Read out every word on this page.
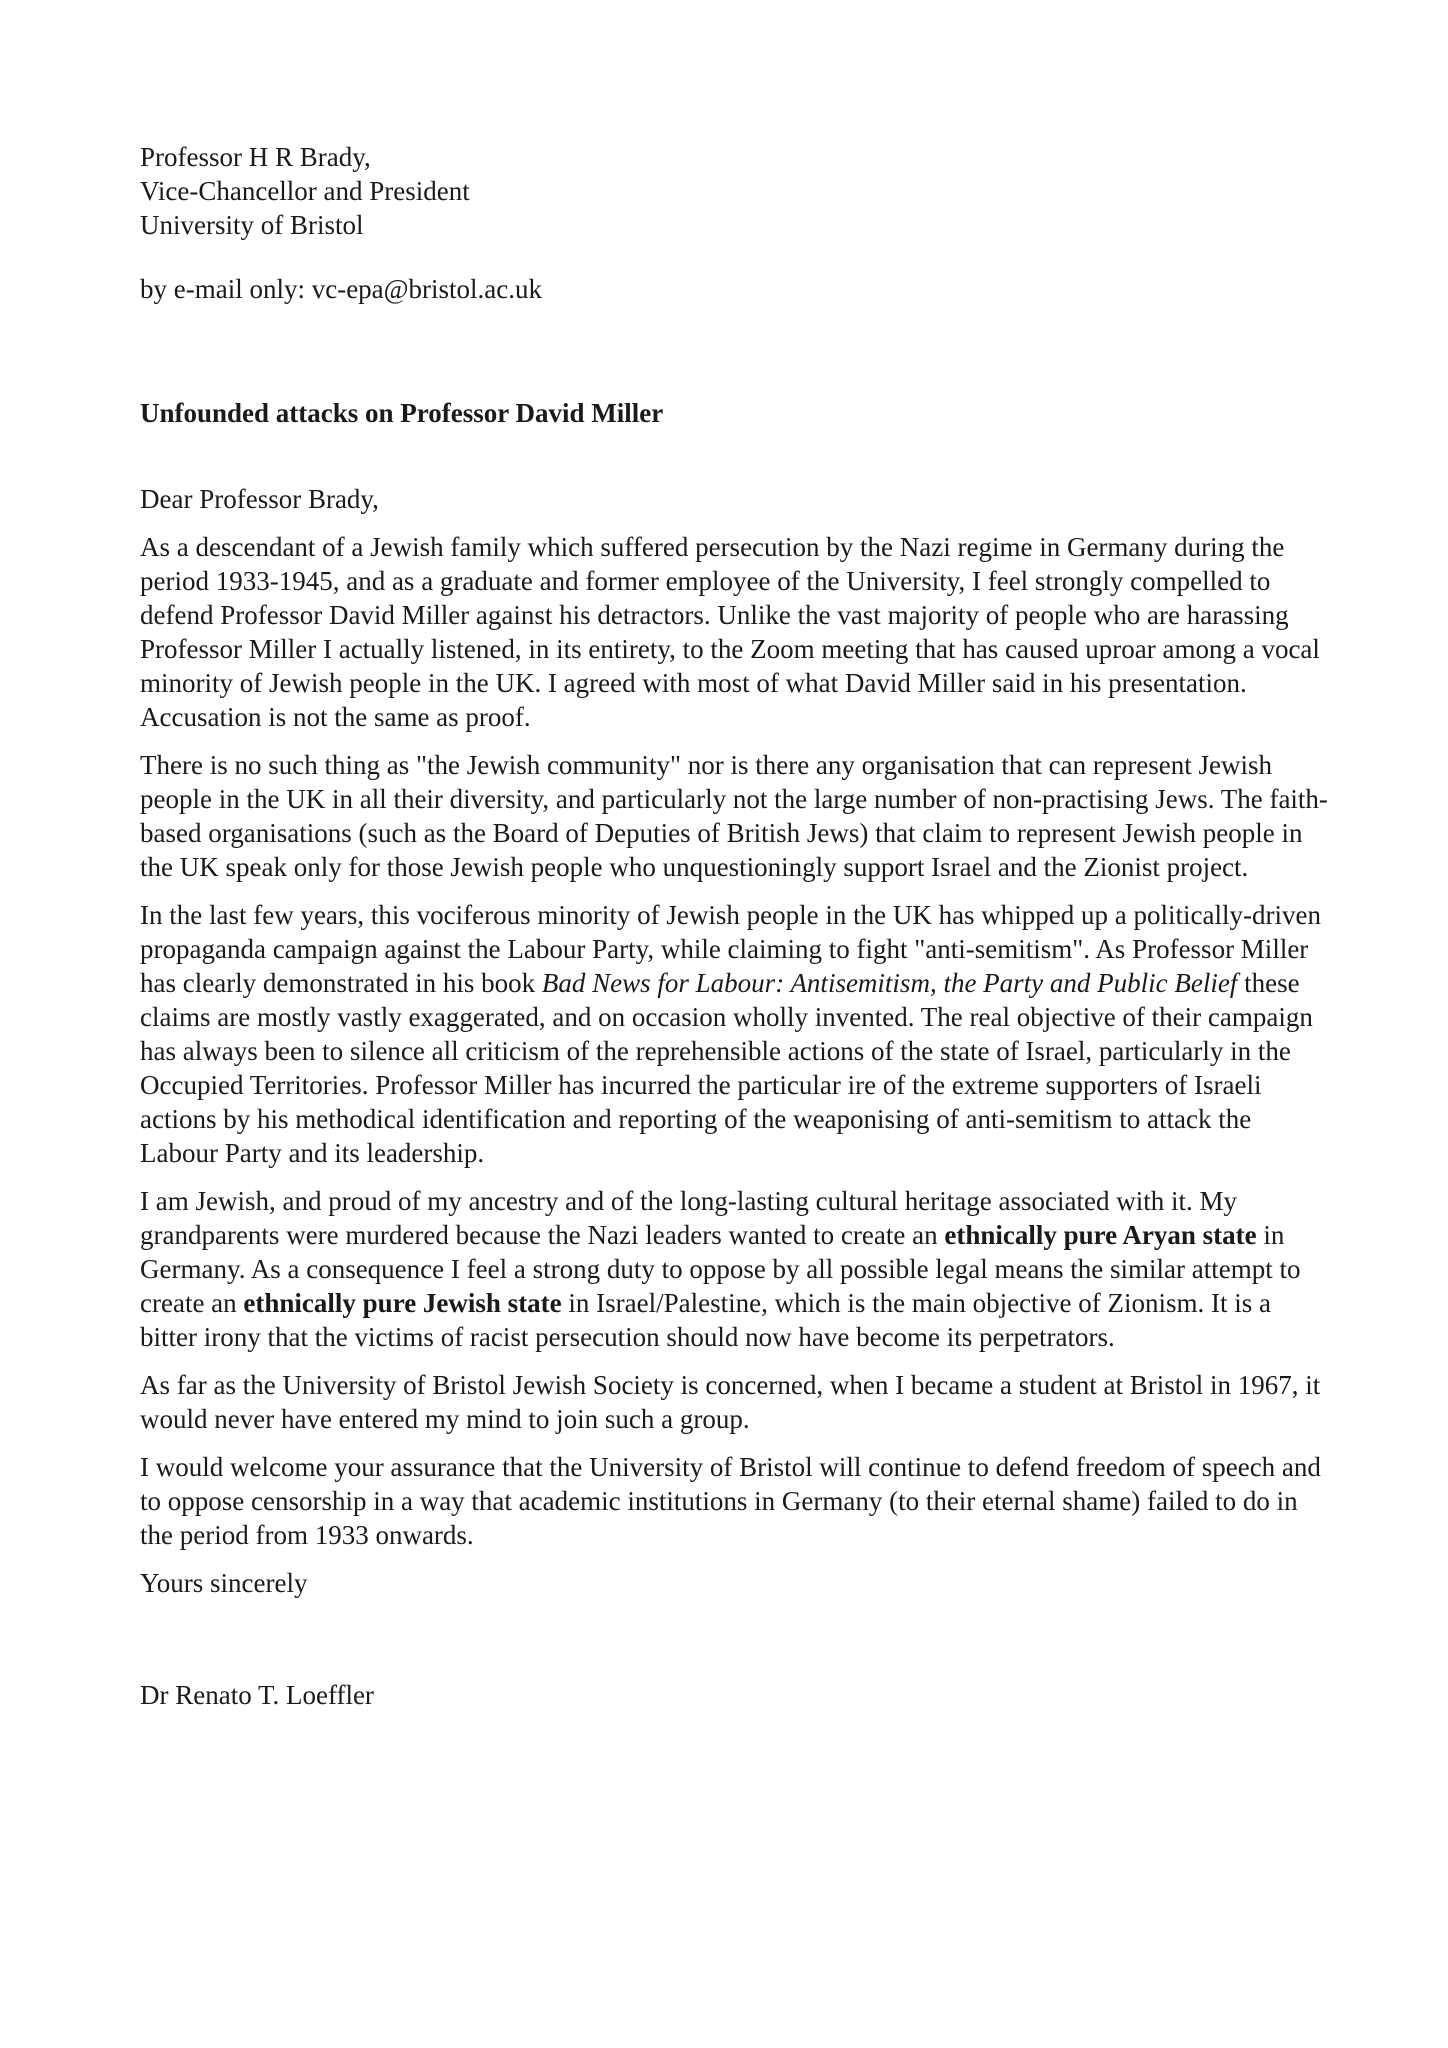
Professor H R Brady,
Vice-Chancellor and President
University of Bristol
by e-mail only: vc-epa@bristol.ac.uk
Unfounded attacks on Professor David Miller
Dear Professor Brady,
As a descendant of a Jewish family which suffered persecution by the Nazi regime in Germany during the period 1933-1945, and as a graduate and former employee of the University, I feel strongly compelled to defend Professor David Miller against his detractors. Unlike the vast majority of people who are harassing Professor Miller I actually listened, in its entirety, to the Zoom meeting that has caused uproar among a vocal minority of Jewish people in the UK. I agreed with most of what David Miller said in his presentation. Accusation is not the same as proof.
There is no such thing as "the Jewish community" nor is there any organisation that can represent Jewish people in the UK in all their diversity, and particularly not the large number of non-practising Jews. The faith-based organisations (such as the Board of Deputies of British Jews) that claim to represent Jewish people in the UK speak only for those Jewish people who unquestioningly support Israel and the Zionist project.
In the last few years, this vociferous minority of Jewish people in the UK has whipped up a politically-driven propaganda campaign against the Labour Party, while claiming to fight "anti-semitism". As Professor Miller has clearly demonstrated in his book Bad News for Labour: Antisemitism, the Party and Public Belief these claims are mostly vastly exaggerated, and on occasion wholly invented. The real objective of their campaign has always been to silence all criticism of the reprehensible actions of the state of Israel, particularly in the Occupied Territories. Professor Miller has incurred the particular ire of the extreme supporters of Israeli actions by his methodical identification and reporting of the weaponising of anti-semitism to attack the Labour Party and its leadership.
I am Jewish, and proud of my ancestry and of the long-lasting cultural heritage associated with it. My grandparents were murdered because the Nazi leaders wanted to create an ethnically pure Aryan state in Germany. As a consequence I feel a strong duty to oppose by all possible legal means the similar attempt to create an ethnically pure Jewish state in Israel/Palestine, which is the main objective of Zionism. It is a bitter irony that the victims of racist persecution should now have become its perpetrators.
As far as the University of Bristol Jewish Society is concerned, when I became a student at Bristol in 1967, it would never have entered my mind to join such a group.
I would welcome your assurance that the University of Bristol will continue to defend freedom of speech and to oppose censorship in a way that academic institutions in Germany (to their eternal shame) failed to do in the period from 1933 onwards.
Yours sincerely
Dr Renato T. Loeffler
